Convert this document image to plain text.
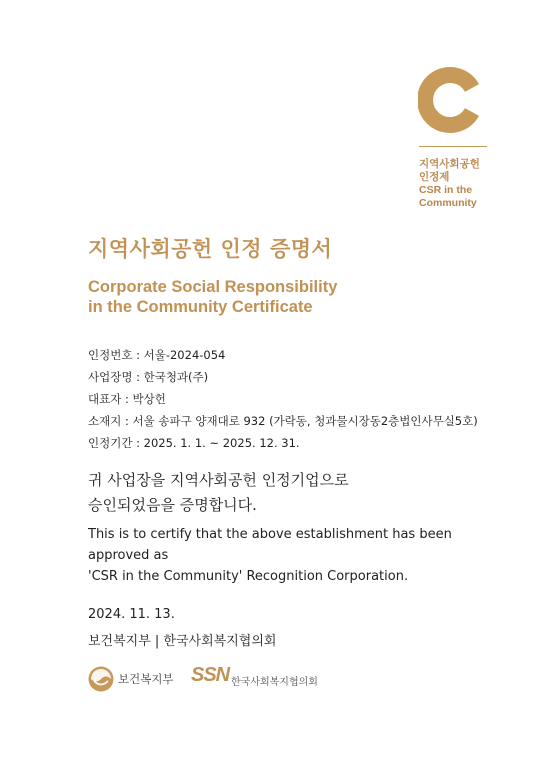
지역사회공헌
인정제
CSR in the
Community
지역사회공헌 인정 증명서
Corporate Social Responsibility
in the Community Certificate
인정번호 : 서울-2024-054
사업장명 : 한국청과(주)
대표자 : 박상헌
소재지 : 서울 송파구 양재대로 932 (가락동, 청과물시장동2층법인사무실5호)
인정기간 : 2025. 1. 1. ~ 2025. 12. 31.
귀 사업장을 지역사회공헌 인정기업으로
승인되었음을 증명합니다.
This is to certify that the above establishment has been
approved as
'CSR in the Community' Recognition Corporation.
2024. 11. 13.
보건복지부 | 한국사회복지협의회
보건복지부 SSN 한국사회복지협의회
